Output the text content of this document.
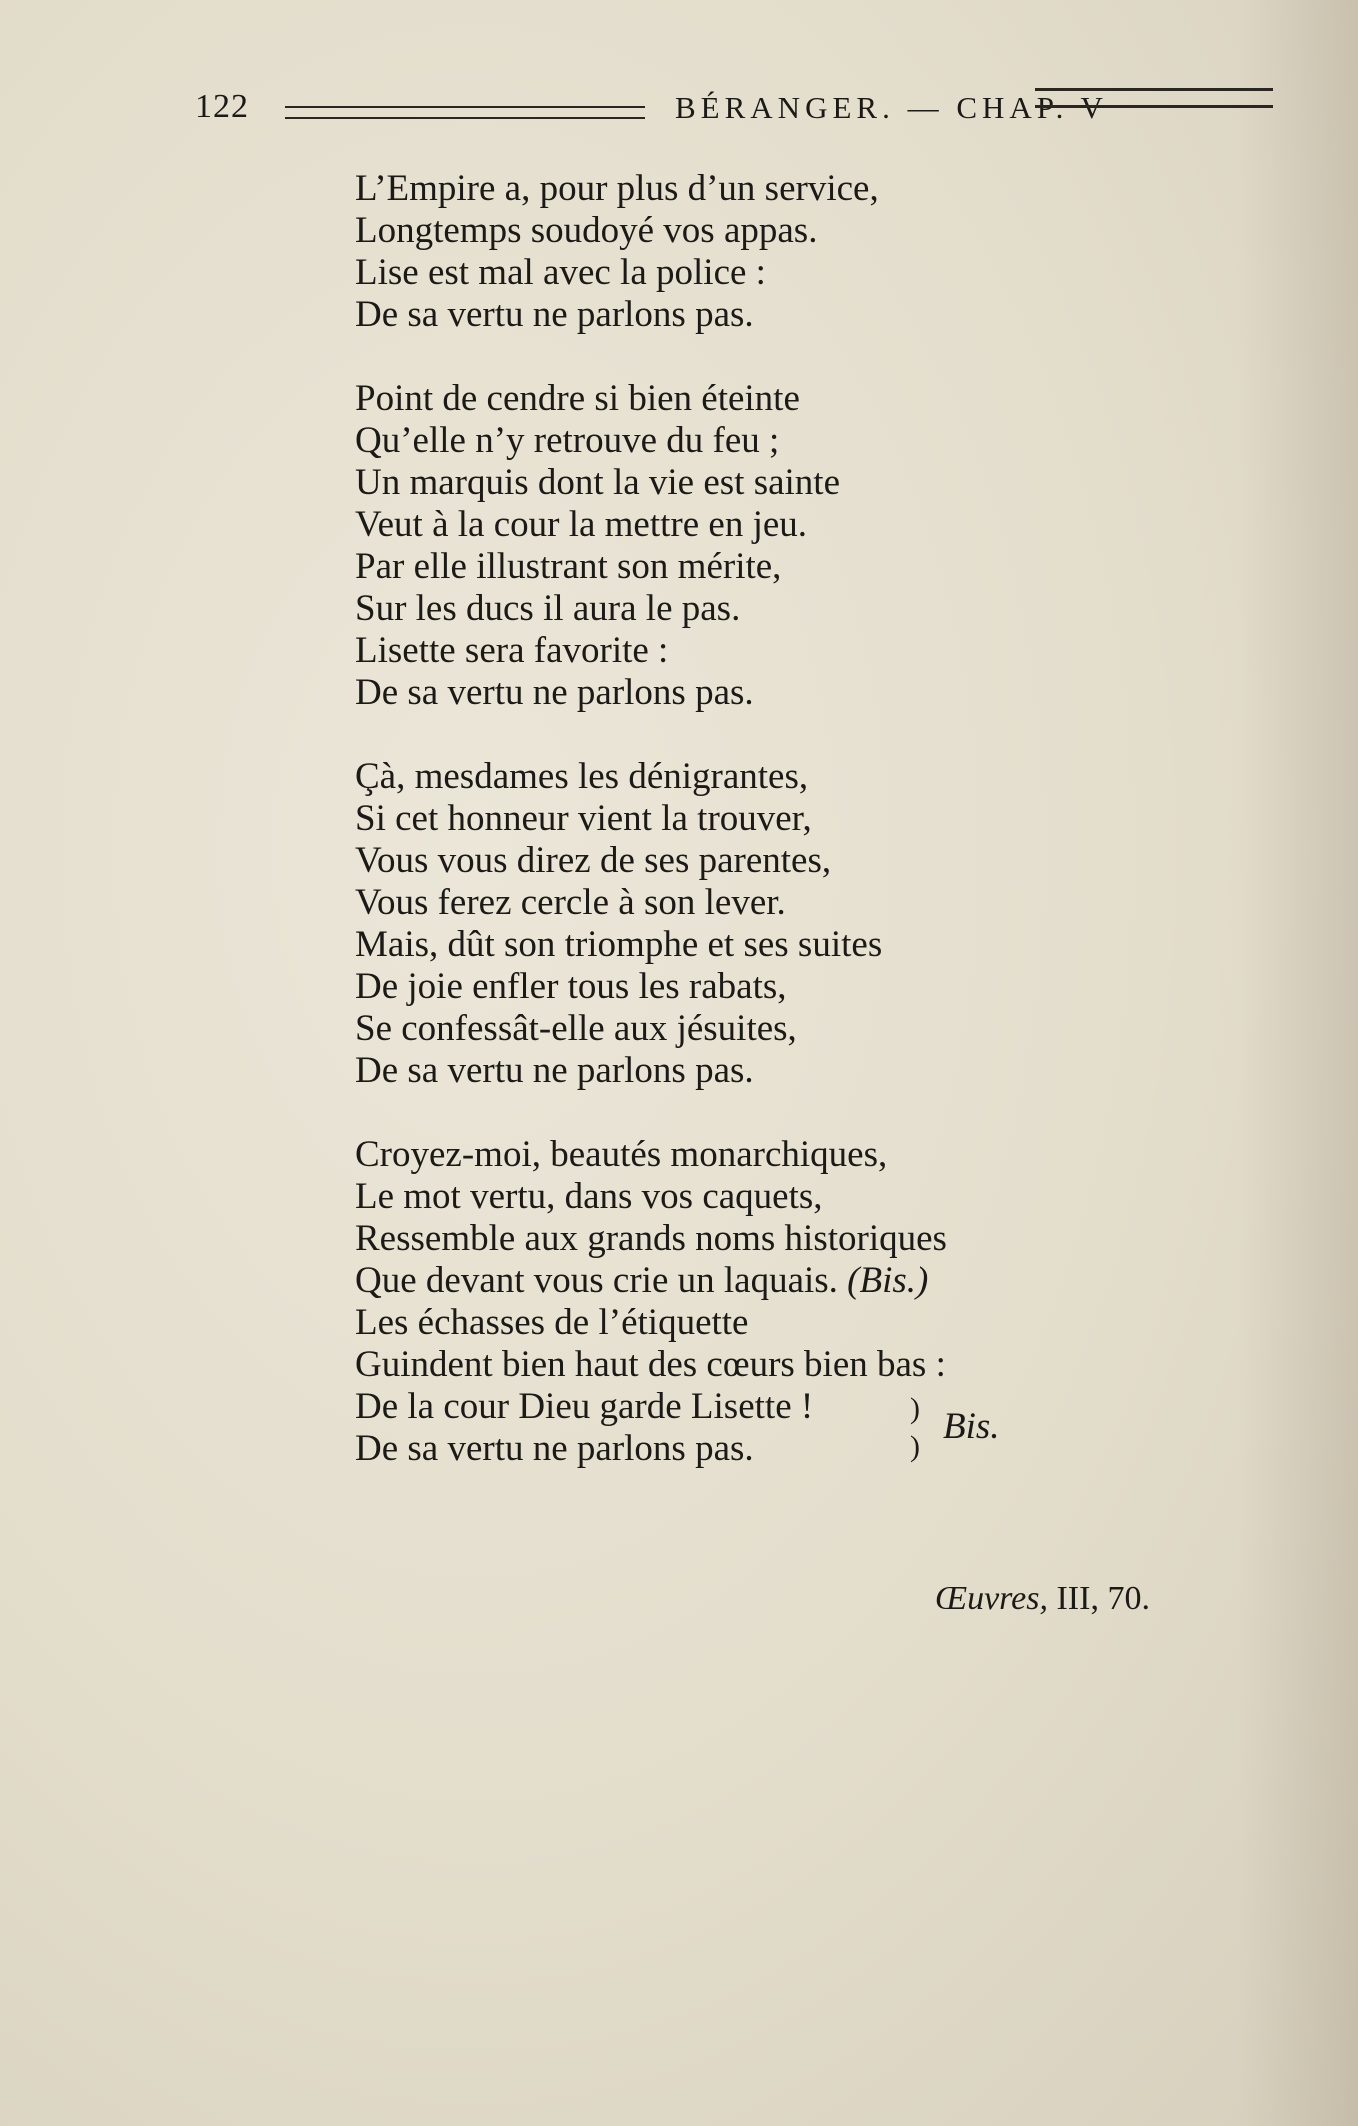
122	BÉRANGER. — CHAP. V
L’Empire a, pour plus d’un service,
Longtemps soudoyé vos appas.
Lise est mal avec la police :
De sa vertu ne parlons pas.
Point de cendre si bien éteinte
Qu’elle n’y retrouve du feu ;
Un marquis dont la vie est sainte
Veut à la cour la mettre en jeu.
Par elle illustrant son mérite,
Sur les ducs il aura le pas.
Lisette sera favorite :
De sa vertu ne parlons pas.
Çà, mesdames les dénigrantes,
Si cet honneur vient la trouver,
Vous vous direz de ses parentes,
Vous ferez cercle à son lever.
Mais, dût son triomphe et ses suites
De joie enfler tous les rabats,
Se confessât-elle aux jésuites,
De sa vertu ne parlons pas.
Croyez-moi, beautés monarchiques,
Le mot vertu, dans vos caquets,
Ressemble aux grands noms historiques
Que devant vous crie un laquais. (Bis.)
Les échasses de l’étiquette
Guindent bien haut des cœurs bien bas :
De la cour Dieu garde Lisette !
De sa vertu ne parlons pas.
)
) Bis.
Œuvres, III, 70.
